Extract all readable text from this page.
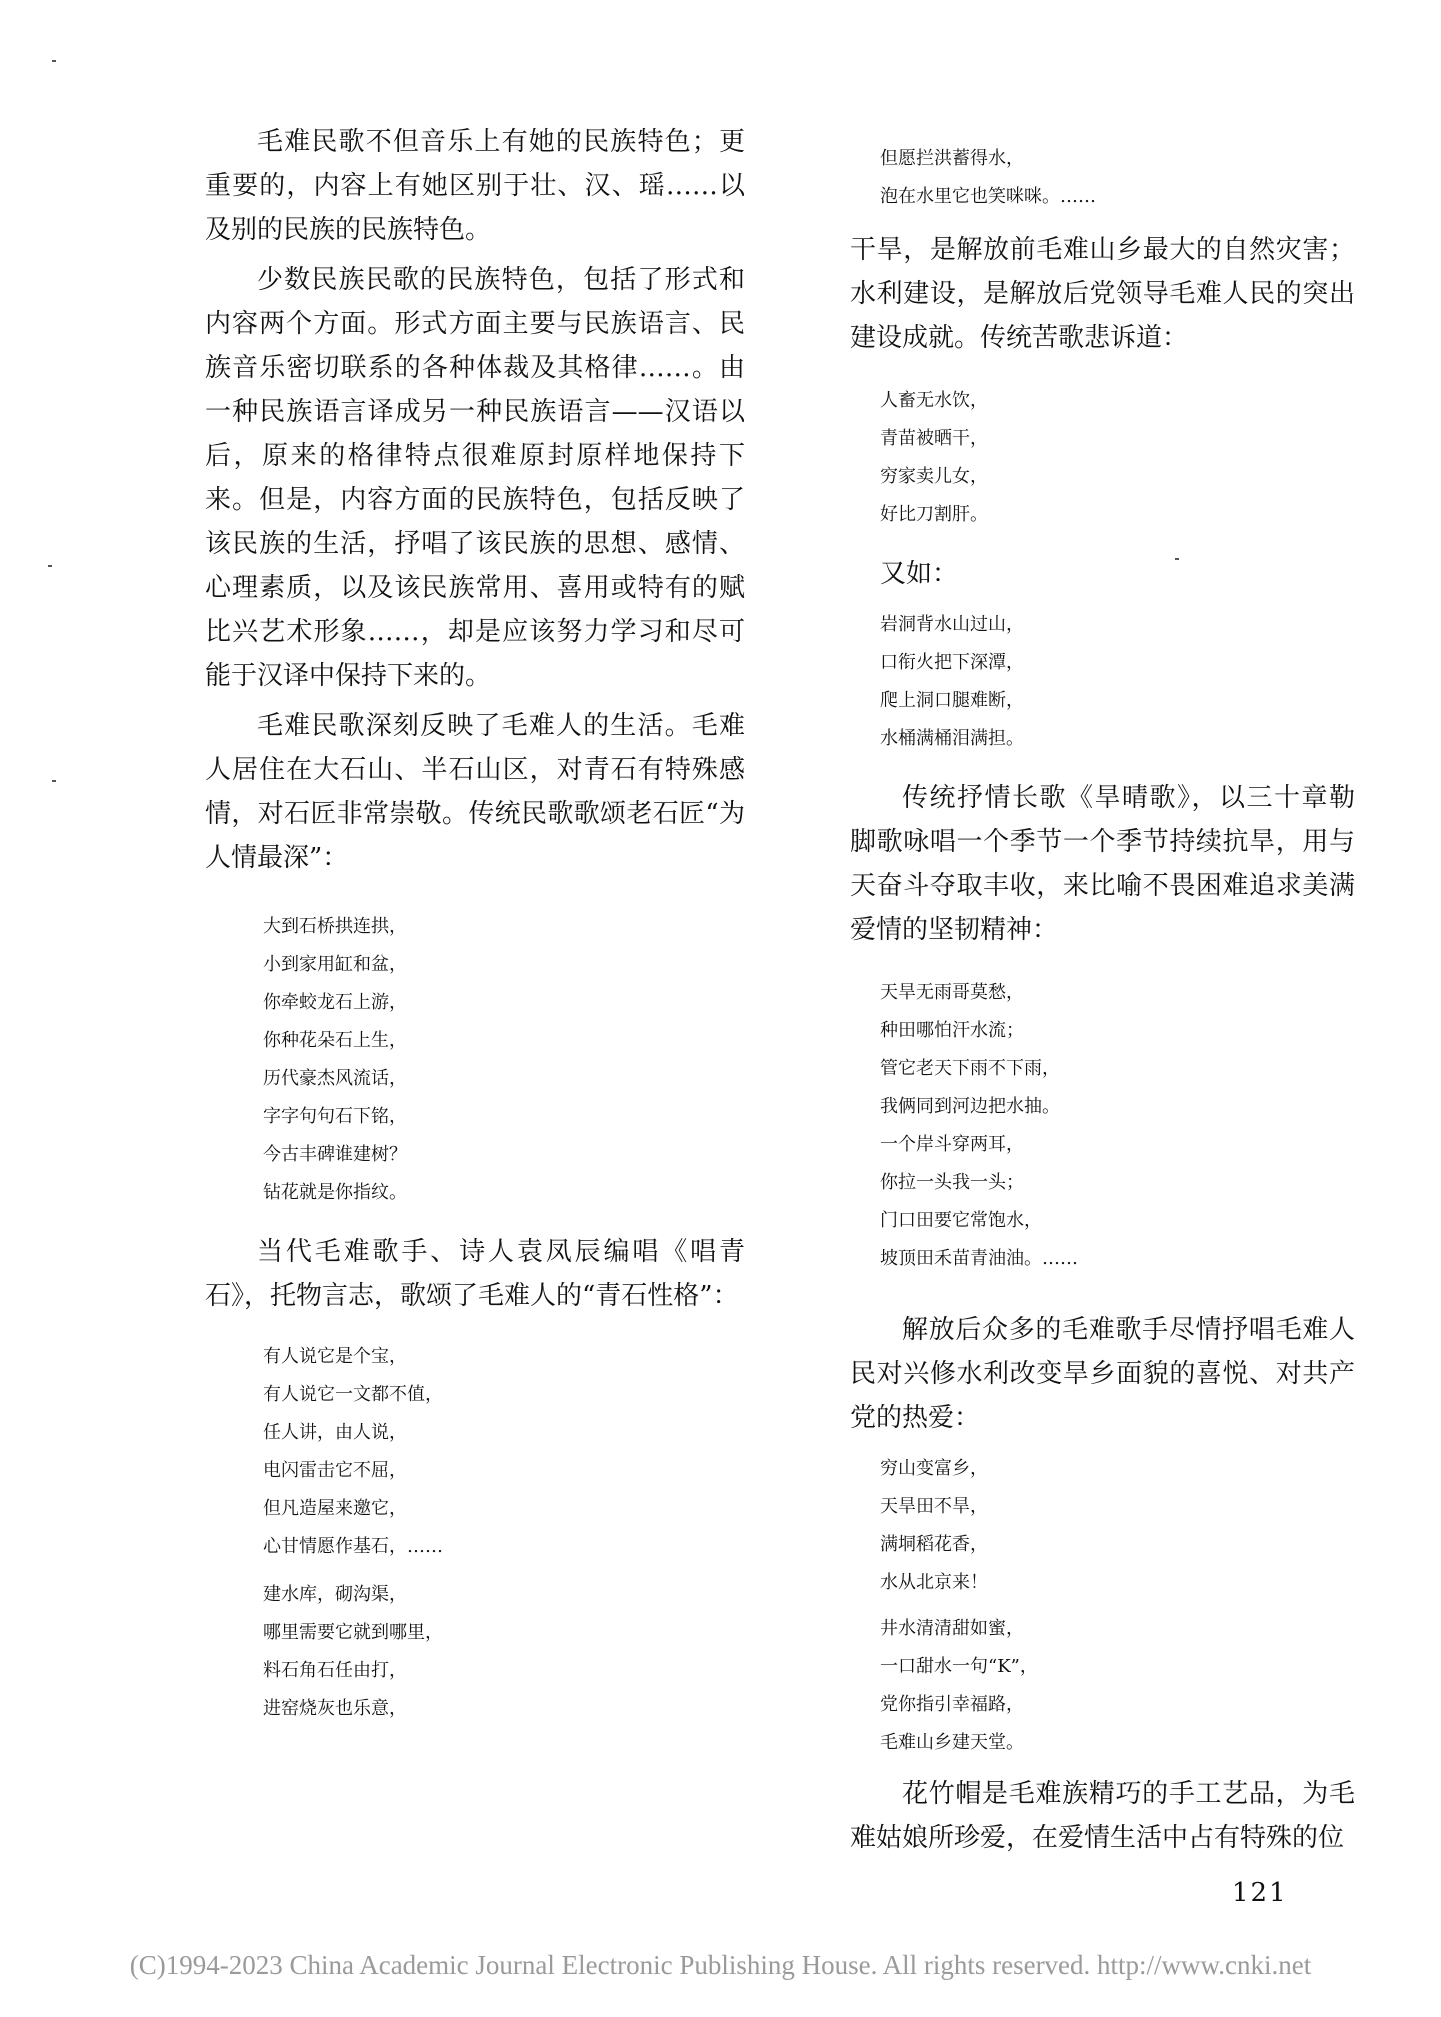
毛难民歌不但音乐上有她的民族特色；更重要的，内容上有她区别于壮、汉、瑶……以及别的民族的民族特色。

少数民族民歌的民族特色，包括了形式和内容两个方面。形式方面主要与民族语言、民族音乐密切联系的各种体裁及其格律……。由一种民族语言译成另一种民族语言——汉语以后，原来的格律特点很难原封原样地保持下来。但是，内容方面的民族特色，包括反映了该民族的生活，抒唱了该民族的思想、感情、心理素质，以及该民族常用、喜用或特有的赋比兴艺术形象……，却是应该努力学习和尽可能于汉译中保持下来的。

毛难民歌深刻反映了毛难人的生活。毛难人居住在大石山、半石山区，对青石有特殊感情，对石匠非常崇敬。传统民歌歌颂老石匠“为人情最深”：

大到石桥拱连拱，
小到家用缸和盆，
你牵蛟龙石上游，
你种花朵石上生，
历代豪杰风流话，
字字句句石下铭，
今古丰碑谁建树？
钻花就是你指纹。

当代毛难歌手、诗人袁凤辰编唱《唱青石》，托物言志，歌颂了毛难人的“青石性格”：

有人说它是个宝，
有人说它一文都不值，
任人讲，由人说，
电闪雷击它不屈，
但凡造屋来邀它，
心甘情愿作基石，……
建水库，砌沟渠，
哪里需要它就到哪里，
料石角石任由打，
进窑烧灰也乐意，
但愿拦洪蓄得水，
泡在水里它也笑咪咪。……

干旱，是解放前毛难山乡最大的自然灾害；水利建设，是解放后党领导毛难人民的突出建设成就。传统苦歌悲诉道：

人畜无水饮，
青苗被晒干，
穷家卖儿女，
好比刀割肝。

又如：

岩洞背水山过山，
口衔火把下深潭，
爬上洞口腿难断，
水桶满桶泪满担。

传统抒情长歌《旱晴歌》，以三十章勒脚歌咏唱一个季节一个季节持续抗旱，用与天奋斗夺取丰收，来比喻不畏困难追求美满爱情的坚韧精神：

天旱无雨哥莫愁，
种田哪怕汗水流；
管它老天下雨不下雨，
我俩同到河边把水抽。
一个岸斗穿两耳，
你拉一头我一头；
门口田要它常饱水，
坡顶田禾苗青油油。……

解放后众多的毛难歌手尽情抒唱毛难人民对兴修水利改变旱乡面貌的喜悦、对共产党的热爱：

穷山变富乡，
天旱田不旱，
满垌稻花香，
水从北京来！
井水清清甜如蜜，
一口甜水一句“K”，
党你指引幸福路，
毛难山乡建天堂。

花竹帽是毛难族精巧的手工艺品，为毛难姑娘所珍爱，在爱情生活中占有特殊的位

121
(C)1994-2023 China Academic Journal Electronic Publishing House. All rights reserved. http://www.cnki.net
